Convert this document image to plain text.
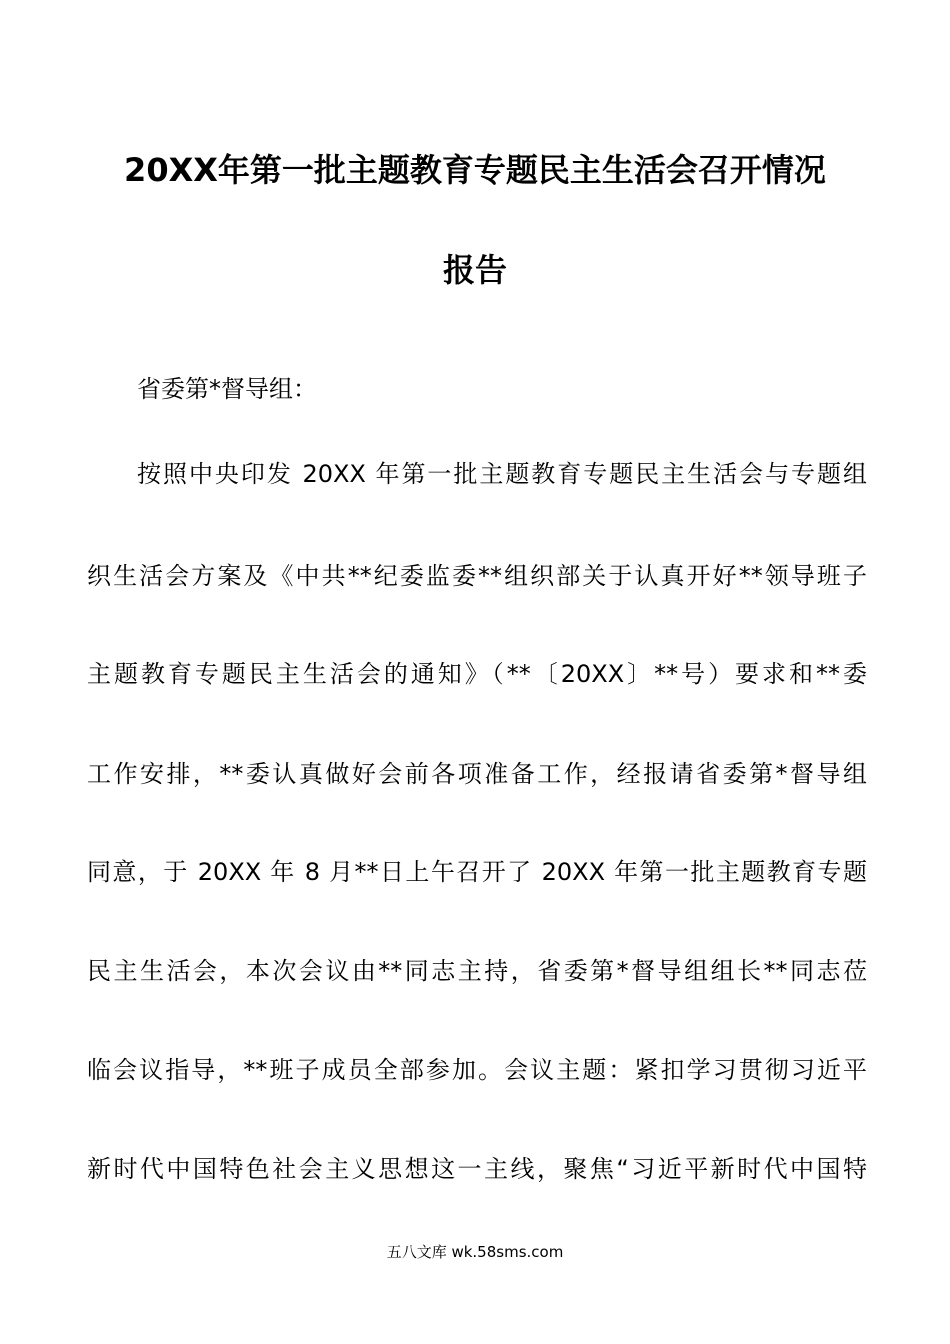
20XX年第一批主题教育专题民主生活会召开情况
报告
省委第*督导组：
按照中央印发 20XX 年第一批主题教育专题民主生活会与专题组
织生活会方案及《中共**纪委监委**组织部关于认真开好**领导班子
主题教育专题民主生活会的通知》（**〔20XX〕**号）要求和**委
工作安排，**委认真做好会前各项准备工作，经报请省委第*督导组
同意，于 20XX 年 8 月**日上午召开了 20XX 年第一批主题教育专题
民主生活会，本次会议由**同志主持，省委第*督导组组长**同志莅
临会议指导，**班子成员全部参加。会议主题：紧扣学习贯彻习近平
新时代中国特色社会主义思想这一主线，聚焦“习近平新时代中国特
五八文库 wk.58sms.com
